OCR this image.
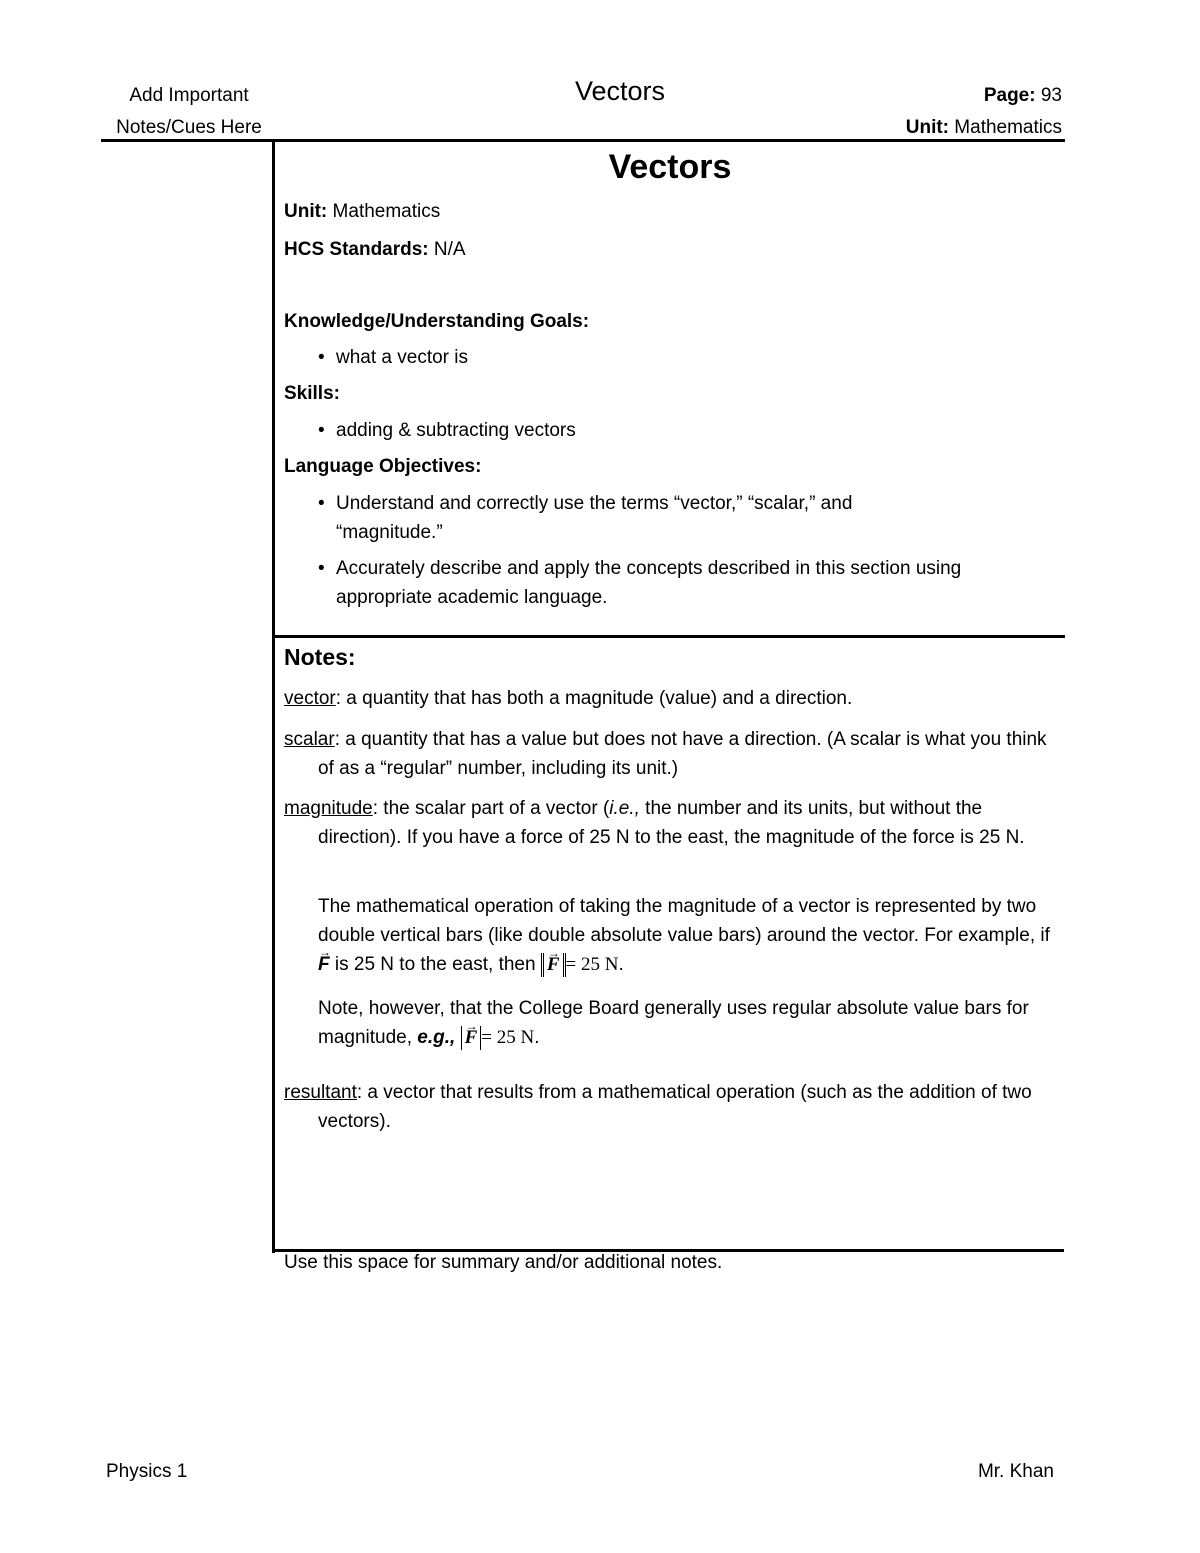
Add Important
Notes/Cues Here
Vectors	Page: 93
Unit: Mathematics
Vectors
Unit: Mathematics
HCS Standards: N/A
Knowledge/Understanding Goals:
• what a vector is
Skills:
• adding & subtracting vectors
Language Objectives:
• Understand and correctly use the terms “vector,” “scalar,” and “magnitude.”
• Accurately describe and apply the concepts described in this section using appropriate academic language.
Notes:
vector: a quantity that has both a magnitude (value) and a direction.
scalar: a quantity that has a value but does not have a direction. (A scalar is what you think of as a “regular” number, including its unit.)
magnitude: the scalar part of a vector (i.e., the number and its units, but without the direction). If you have a force of 25 N to the east, the magnitude of the force is 25 N.
The mathematical operation of taking the magnitude of a vector is represented by two double vertical bars (like double absolute value bars) around the vector. For example, if → F is 25 N to the east, then → F = 25 N.
Note, however, that the College Board generally uses regular absolute value bars for magnitude, e.g., → F = 25 N.
resultant: a vector that results from a mathematical operation (such as the addition of two vectors).
Use this space for summary and/or additional notes.
Physics 1	Mr. Khan
